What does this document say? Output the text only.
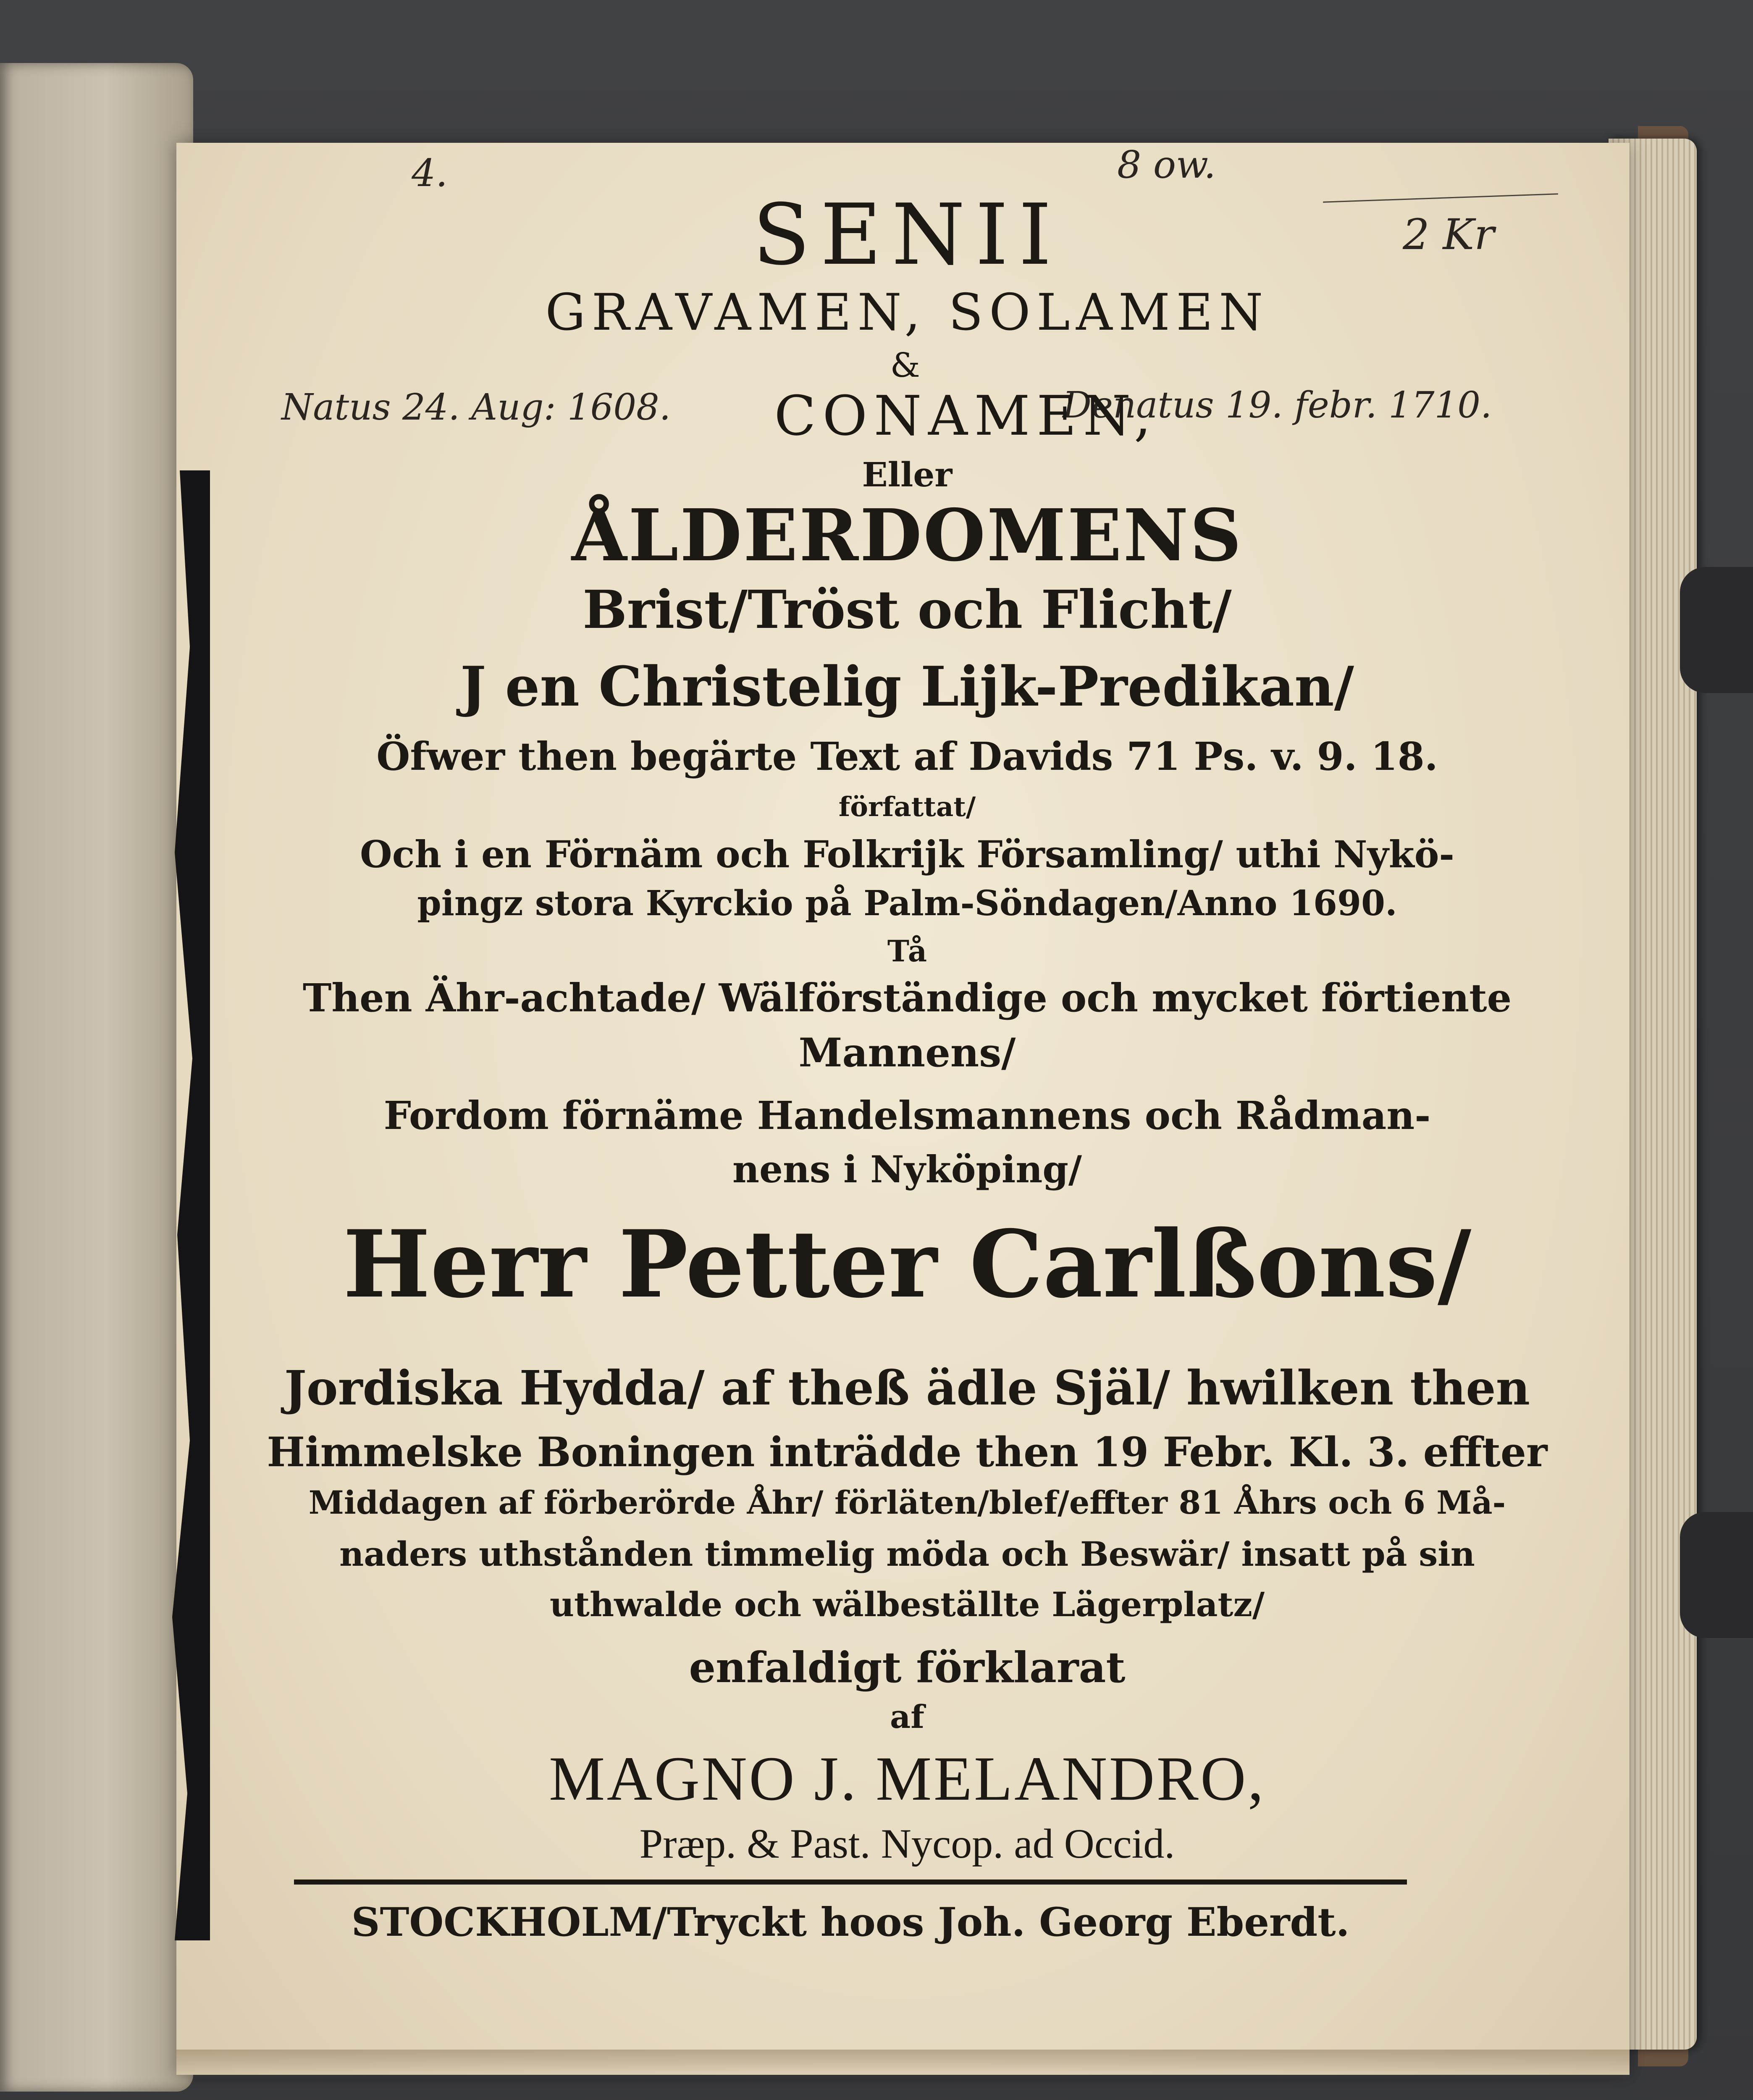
4.	8 ow.
2 Kr
Natus 24. Aug: 1608.	Denatus 19. febr. 1710.
SENII
GRAVAMEN, SOLAMEN
&
CONAMEN,
Eller
ÅLDERDOMENS
Brist/Tröst och Flicht/
J en Christelig Lijk-Predikan/
Öfwer then begärte Text af Davids 71 Ps. v. 9. 18.
författat/
Och i en Förnäm och Folkrijk Församling/ uthi Nykö-
pingz stora Kyrckio på Palm-Söndagen/Anno 1690.
Tå
Then Ähr-achtade/ Wälförständige och mycket förtiente
Mannens/
Fordom förnäme Handelsmannens och Rådman-
nens i Nyköping/
Herr Petter Carlßons/
Jordiska Hydda/ af theß ädle Själ/ hwilken then
Himmelske Boningen inträdde then 19 Febr. Kl. 3. effter
Middagen af förberörde Åhr/ förläten/blef/effter 81 Åhrs och 6 Må-
naders uthstånden timmelig möda och Beswär/ insatt på sin
uthwalde och wälbeställte Lägerplatz/
enfaldigt förklarat
af
MAGNO J. MELANDRO,
Præp. & Past. Nycop. ad Occid.
STOCKHOLM/Tryckt hoos Joh. Georg Eberdt.
